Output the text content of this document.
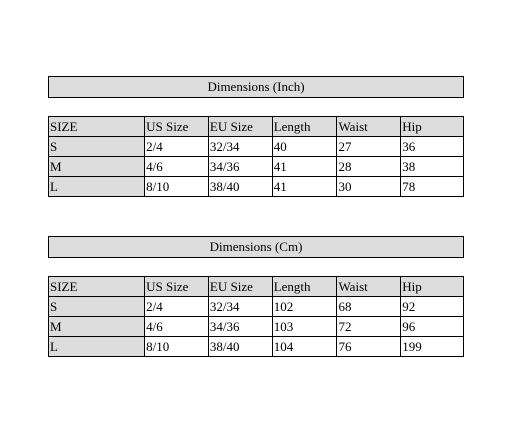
Dimensions (Inch)
SIZE	US Size	EU Size	Length	Waist	Hip
S	2/4	32/34	40	27	36
M	4/6	34/36	41	28	38
L	8/10	38/40	41	30	78
Dimensions (Cm)
SIZE	US Size	EU Size	Length	Waist	Hip
S	2/4	32/34	102	68	92
M	4/6	34/36	103	72	96
L	8/10	38/40	104	76	199
